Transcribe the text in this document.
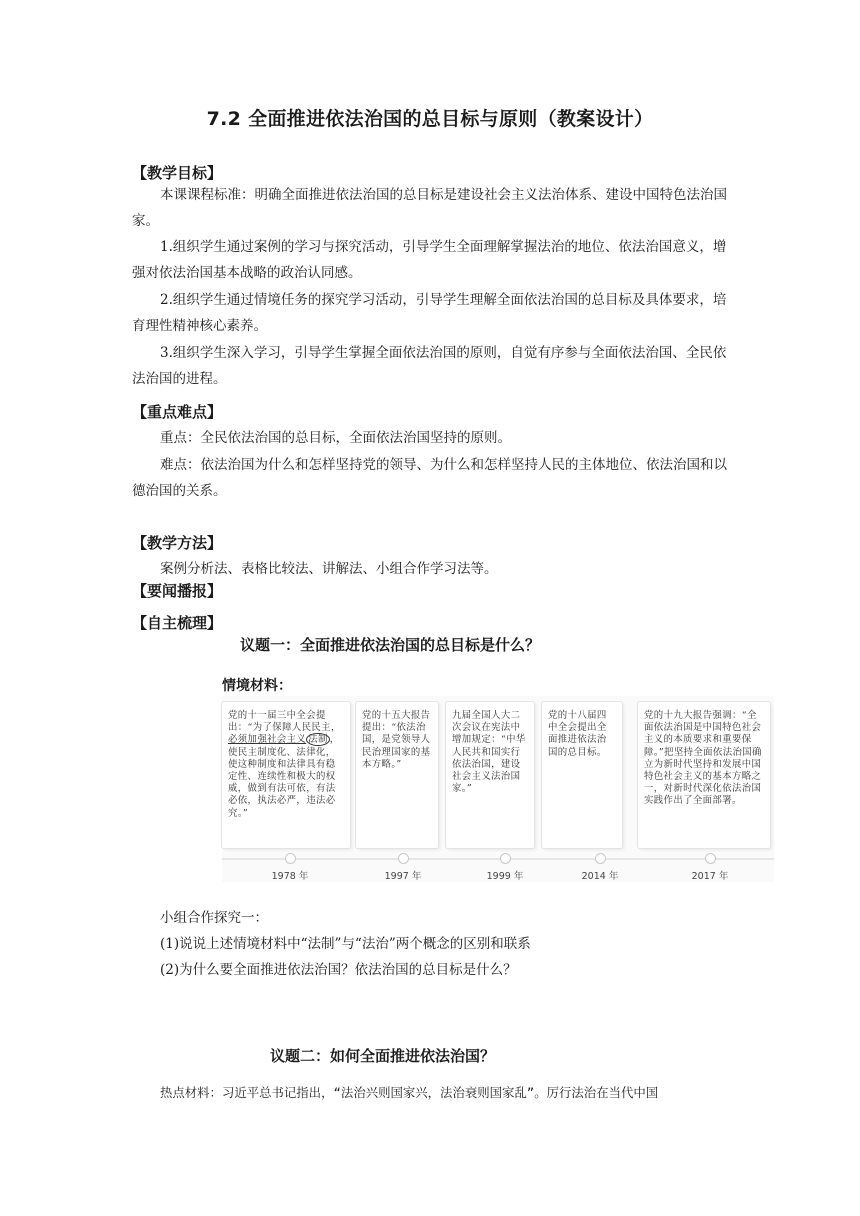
7.2 全面推进依法治国的总目标与原则（教案设计）
【教学目标】
本课课程标准：明确全面推进依法治国的总目标是建设社会主义法治体系、建设中国特色法治国家。
1.组织学生通过案例的学习与探究活动，引导学生全面理解掌握法治的地位、依法治国意义，增强对依法治国基本战略的政治认同感。
2.组织学生通过情境任务的探究学习活动，引导学生理解全面依法治国的总目标及具体要求，培育理性精神核心素养。
3.组织学生深入学习，引导学生掌握全面依法治国的原则，自觉有序参与全面依法治国、全民依法治国的进程。
【重点难点】
重点：全民依法治国的总目标，全面依法治国坚持的原则。
难点：依法治国为什么和怎样坚持党的领导、为什么和怎样坚持人民的主体地位、依法治国和以德治国的关系。
【教学方法】
案例分析法、表格比较法、讲解法、小组合作学习法等。
【要闻播报】
【自主梳理】
议题一：全面推进依法治国的总目标是什么？
情境材料：
党的十一届三中全会提出：“为了保障人民民主，必须加强社会主义 法制 ，使民主制度化、法律化，使这种制度和法律具有稳定性、连续性和极大的权威，做到有法可依，有法必依，执法必严，违法必究。”
党的十五大报告提出：“依法治国，是党领导人民治理国家的基本方略。”
九届全国人大二次会议在宪法中增加规定：“中华人民共和国实行依法治国，建设社会主义法治国家。”
党的十八届四中全会提出全面推进依法治国的总目标。
党的十九大报告强调：“全面依法治国是中国特色社会主义的本质要求和重要保障。”把坚持全面依法治国确立为新时代坚持和发展中国特色社会主义的基本方略之一，对新时代深化依法治国实践作出了全面部署。
1978 年	1997 年	1999 年	2014 年	2017 年
小组合作探究一：
(1)说说上述情境材料中“法制”与“法治”两个概念的区别和联系
(2)为什么要全面推进依法治国？依法治国的总目标是什么？
议题二：如何全面推进依法治国？
热点材料：习近平总书记指出，“法治兴则国家兴，法治衰则国家乱”。厉行法治在当代中国
